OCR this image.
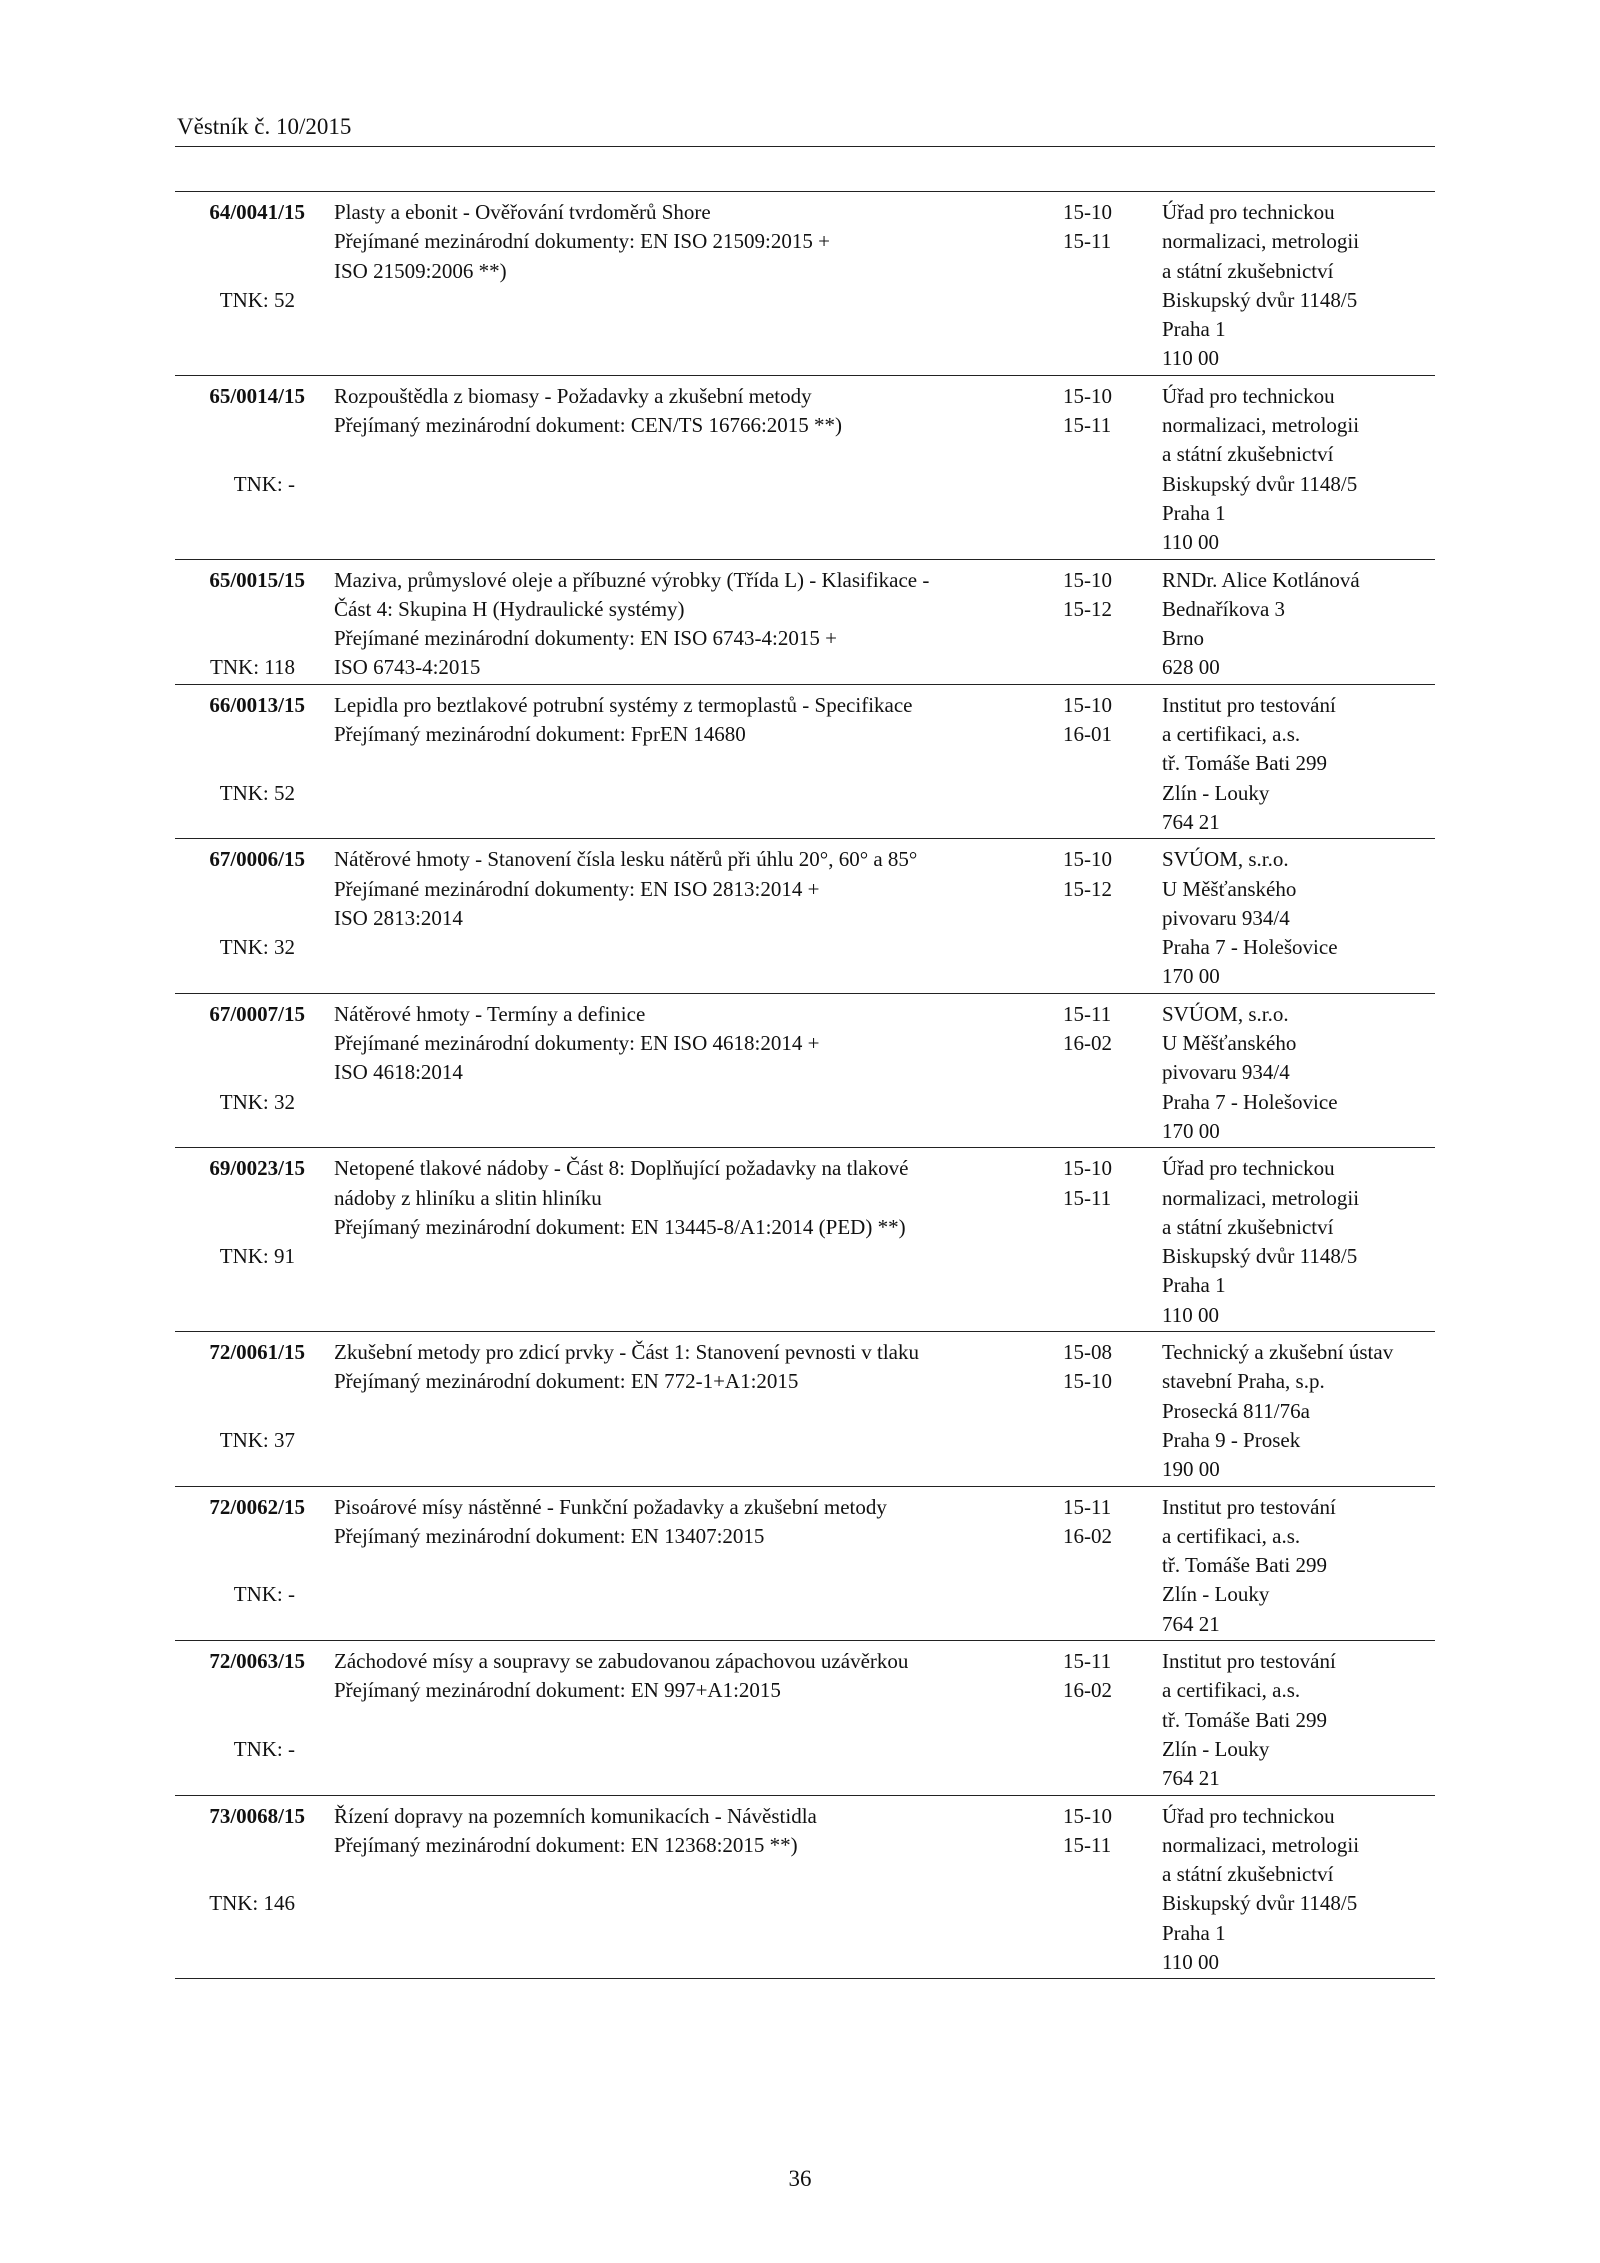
Věstník č. 10/2015
64/0041/15
TNK: 52
Plasty a ebonit - Ověřování tvrdoměrů Shore
Přejímané mezinárodní dokumenty: EN ISO 21509:2015 +
ISO 21509:2006 **)
15-10
15-11
Úřad pro technickou
normalizaci, metrologii
a státní zkušebnictví
Biskupský dvůr 1148/5
Praha 1
110 00
65/0014/15
TNK: -
Rozpouštědla z biomasy - Požadavky a zkušební metody
Přejímaný mezinárodní dokument: CEN/TS 16766:2015 **)
15-10
15-11
Úřad pro technickou
normalizaci, metrologii
a státní zkušebnictví
Biskupský dvůr 1148/5
Praha 1
110 00
65/0015/15
TNK: 118
Maziva, průmyslové oleje a příbuzné výrobky (Třída L) - Klasifikace -
Část 4: Skupina H (Hydraulické systémy)
Přejímané mezinárodní dokumenty: EN ISO 6743-4:2015 +
ISO 6743-4:2015
15-10
15-12
RNDr. Alice Kotlánová
Bednaříkova 3
Brno
628 00
66/0013/15
TNK: 52
Lepidla pro beztlakové potrubní systémy z termoplastů - Specifikace
Přejímaný mezinárodní dokument: FprEN 14680
15-10
16-01
Institut pro testování
a certifikaci, a.s.
tř. Tomáše Bati 299
Zlín - Louky
764 21
67/0006/15
TNK: 32
Nátěrové hmoty - Stanovení čísla lesku nátěrů při úhlu 20°, 60° a 85°
Přejímané mezinárodní dokumenty: EN ISO 2813:2014 +
ISO 2813:2014
15-10
15-12
SVÚOM, s.r.o.
U Měšťanského
pivovaru 934/4
Praha 7 - Holešovice
170 00
67/0007/15
TNK: 32
Nátěrové hmoty - Termíny a definice
Přejímané mezinárodní dokumenty: EN ISO 4618:2014 +
ISO 4618:2014
15-11
16-02
SVÚOM, s.r.o.
U Měšťanského
pivovaru 934/4
Praha 7 - Holešovice
170 00
69/0023/15
TNK: 91
Netopené tlakové nádoby - Část 8: Doplňující požadavky na tlakové
nádoby z hliníku a slitin hliníku
Přejímaný mezinárodní dokument: EN 13445-8/A1:2014 (PED) **)
15-10
15-11
Úřad pro technickou
normalizaci, metrologii
a státní zkušebnictví
Biskupský dvůr 1148/5
Praha 1
110 00
72/0061/15
TNK: 37
Zkušební metody pro zdicí prvky - Část 1: Stanovení pevnosti v tlaku
Přejímaný mezinárodní dokument: EN 772-1+A1:2015
15-08
15-10
Technický a zkušební ústav
stavební Praha, s.p.
Prosecká 811/76a
Praha 9 - Prosek
190 00
72/0062/15
TNK: -
Pisoárové mísy nástěnné - Funkční požadavky a zkušební metody
Přejímaný mezinárodní dokument: EN 13407:2015
15-11
16-02
Institut pro testování
a certifikaci, a.s.
tř. Tomáše Bati 299
Zlín - Louky
764 21
72/0063/15
TNK: -
Záchodové mísy a soupravy se zabudovanou zápachovou uzávěrkou
Přejímaný mezinárodní dokument: EN 997+A1:2015
15-11
16-02
Institut pro testování
a certifikaci, a.s.
tř. Tomáše Bati 299
Zlín - Louky
764 21
73/0068/15
TNK: 146
Řízení dopravy na pozemních komunikacích - Návěstidla
Přejímaný mezinárodní dokument: EN 12368:2015 **)
15-10
15-11
Úřad pro technickou
normalizaci, metrologii
a státní zkušebnictví
Biskupský dvůr 1148/5
Praha 1
110 00
36
